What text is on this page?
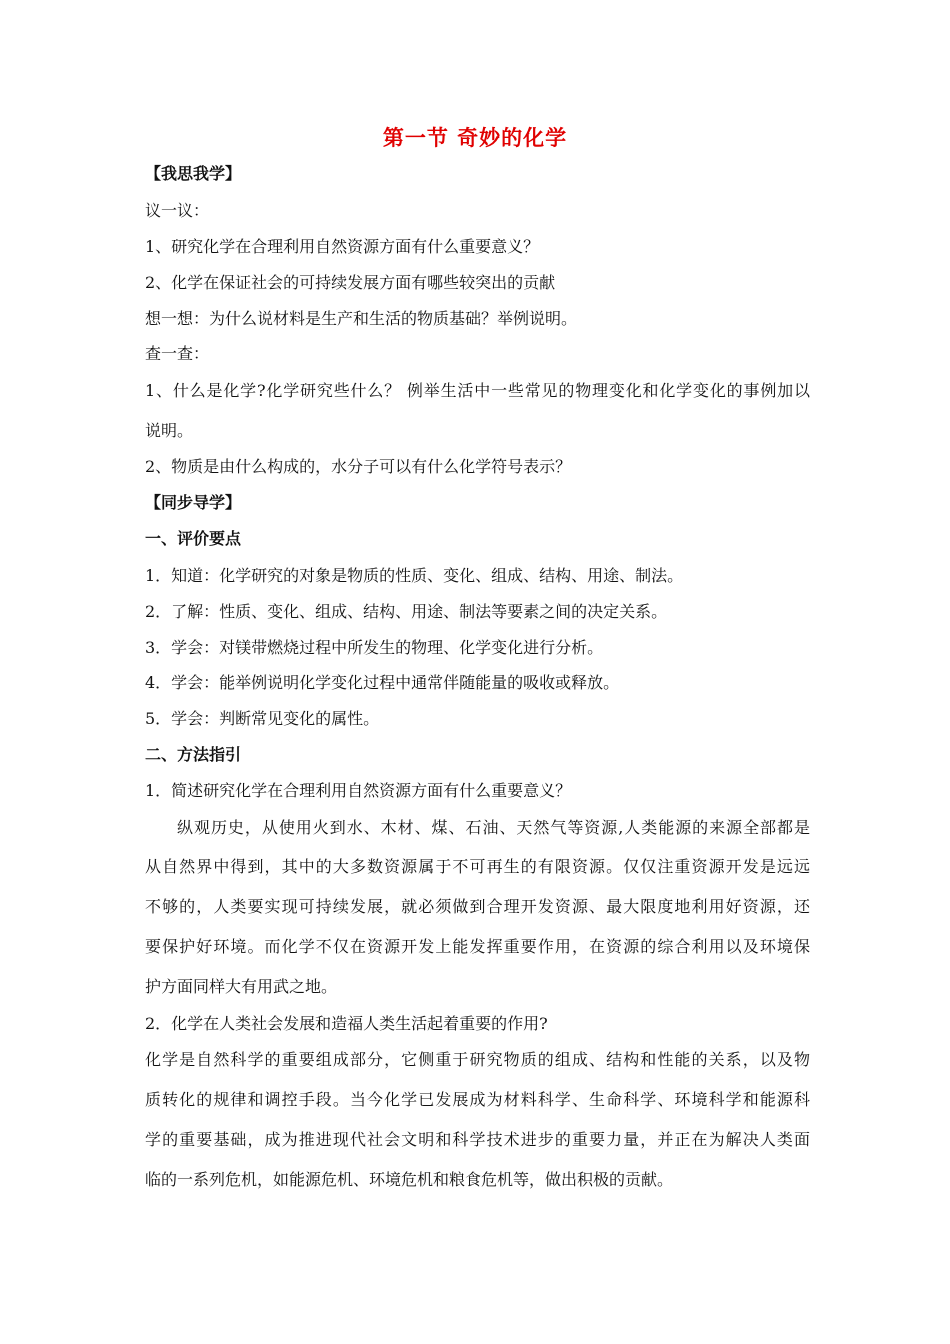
第一节 奇妙的化学
【我思我学】
议一议：
1、研究化学在合理利用自然资源方面有什么重要意义？
2、化学在保证社会的可持续发展方面有哪些较突出的贡献
想一想：为什么说材料是生产和生活的物质基础？举例说明。
查一查：
1、什么是化学?化学研究些什么？ 例举生活中一些常见的物理变化和化学变化的事例加以
说明。
2、物质是由什么构成的，水分子可以有什么化学符号表示？
【同步导学】
一、评价要点
1．知道：化学研究的对象是物质的性质、变化、组成、结构、用途、制法。
2．了解：性质、变化、组成、结构、用途、制法等要素之间的决定关系。
3．学会：对镁带燃烧过程中所发生的物理、化学变化进行分析。
4．学会：能举例说明化学变化过程中通常伴随能量的吸收或释放。
5．学会：判断常见变化的属性。
二、方法指引
1．简述研究化学在合理利用自然资源方面有什么重要意义？
纵观历史，从使用火到水、木材、煤、石油、天然气等资源,人类能源的来源全部都是
从自然界中得到，其中的大多数资源属于不可再生的有限资源。仅仅注重资源开发是远远
不够的，人类要实现可持续发展，就必须做到合理开发资源、最大限度地利用好资源，还
要保护好环境。而化学不仅在资源开发上能发挥重要作用，在资源的综合利用以及环境保
护方面同样大有用武之地。
2．化学在人类社会发展和造福人类生活起着重要的作用?
化学是自然科学的重要组成部分，它侧重于研究物质的组成、结构和性能的关系，以及物
质转化的规律和调控手段。当今化学已发展成为材料科学、生命科学、环境科学和能源科
学的重要基础，成为推进现代社会文明和科学技术进步的重要力量，并正在为解决人类面
临的一系列危机，如能源危机、环境危机和粮食危机等，做出积极的贡献。
